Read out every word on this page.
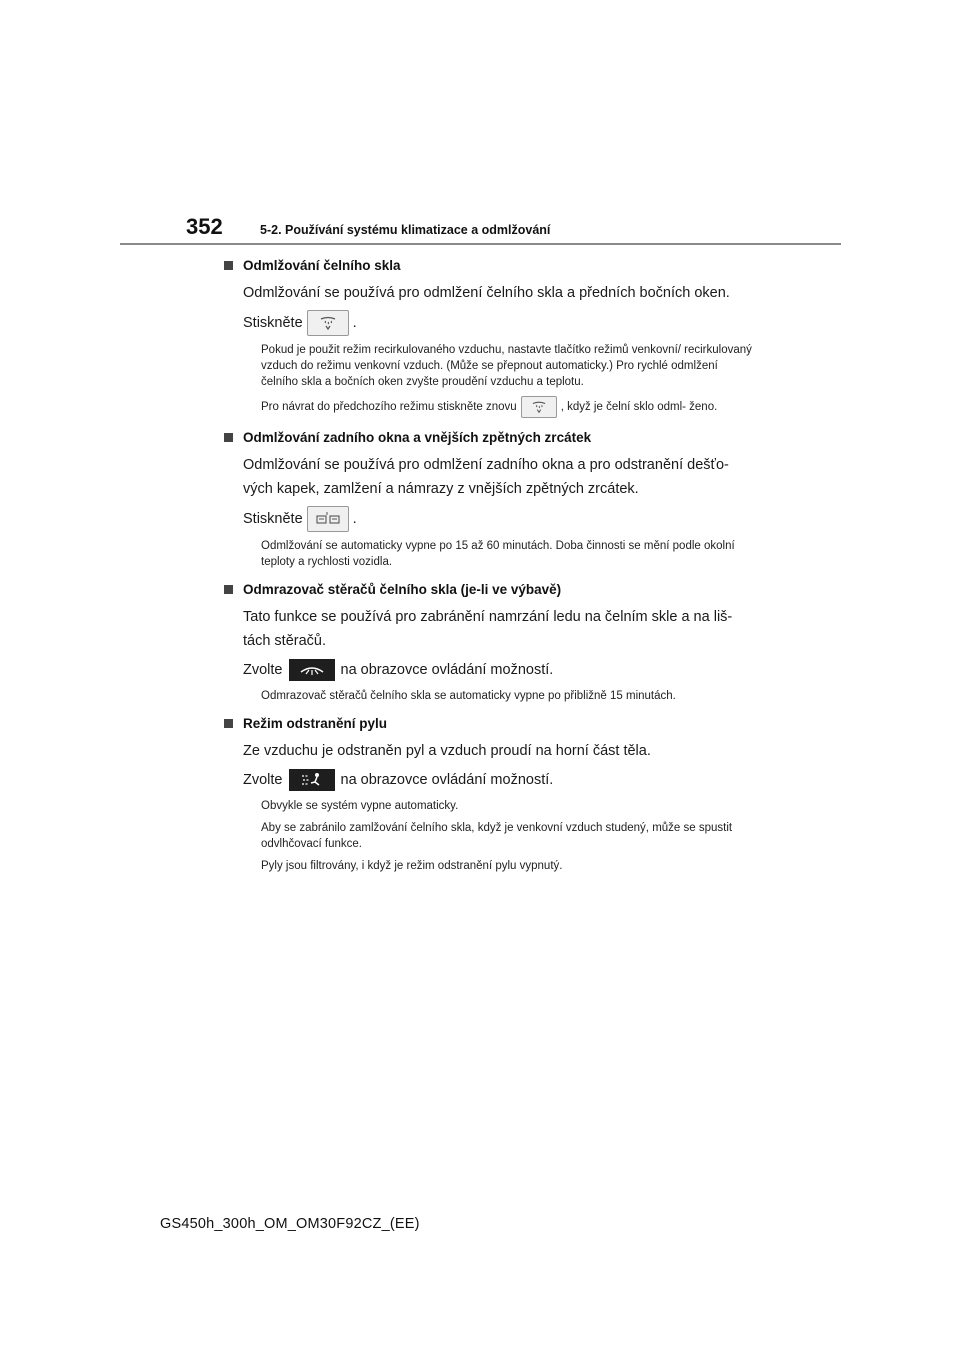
352	5-2. Používání systému klimatizace a odmlžování
Odmlžování čelního skla
Odmlžování se používá pro odmlžení čelního skla a předních bočních oken.
Stiskněte	.
Pokud je použit režim recirkulovaného vzduchu, nastavte tlačítko režimů venkovní/ recirkulovaný vzduch do režimu venkovní vzduch. (Může se přepnout automaticky.) Pro rychlé odmlžení čelního skla a bočních oken zvyšte proudění vzduchu a teplotu.
Pro návrat do předchozího režimu stiskněte znovu	, když je čelní sklo odml- ženo.
Odmlžování zadního okna a vnějších zpětných zrcátek
Odmlžování se používá pro odmlžení zadního okna a pro odstranění dešťo- vých kapek, zamlžení a námrazy z vnějších zpětných zrcátek.
Stiskněte	.
Odmlžování se automaticky vypne po 15 až 60 minutách. Doba činnosti se mění podle okolní teploty a rychlosti vozidla.
Odmrazovač stěračů čelního skla (je-li ve výbavě)
Tato funkce se používá pro zabránění namrzání ledu na čelním skle a na liš- tách stěračů.
Zvolte	na obrazovce ovládání možností.
Odmrazovač stěračů čelního skla se automaticky vypne po přibližně 15 minutách.
Režim odstranění pylu
Ze vzduchu je odstraněn pyl a vzduch proudí na horní část těla.
Zvolte	na obrazovce ovládání možností.
Obvykle se systém vypne automaticky.
Aby se zabránilo zamlžování čelního skla, když je venkovní vzduch studený, může se spustit odvlhčovací funkce.
Pyly jsou filtrovány, i když je režim odstranění pylu vypnutý.
GS450h_300h_OM_OM30F92CZ_(EE)
